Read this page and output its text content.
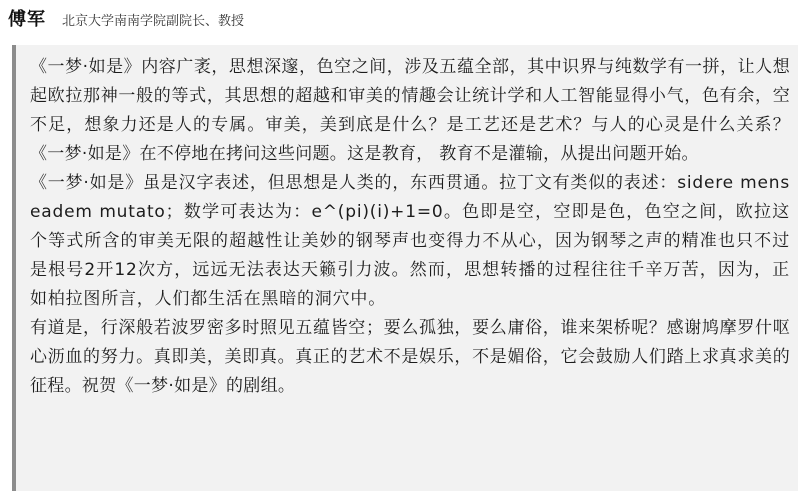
傅军 北京大学南南学院副院长、教授

《一梦·如是》内容广袤，思想深邃，色空之间，涉及五蕴全部，其中识界与纯数学有一拼，让人想起欧拉那神一般的等式，其思想的超越和审美的情趣会让统计学和人工智能显得小气，色有余，空不足，想象力还是人的专属。审美，美到底是什么？是工艺还是艺术？与人的心灵是什么关系？《一梦·如是》在不停地在拷问这些问题。这是教育， 教育不是灌输，从提出问题开始。

《一梦·如是》虽是汉字表述，但思想是人类的，东西贯通。拉丁文有类似的表述：sidere mens eadem mutato；数学可表达为：e^(pi)(i)+1=0。色即是空，空即是色，色空之间，欧拉这个等式所含的审美无限的超越性让美妙的钢琴声也变得力不从心，因为钢琴之声的精准也只不过是根号2开12次方，远远无法表达天籁引力波。然而，思想转播的过程往往千辛万苦，因为，正如柏拉图所言，人们都生活在黑暗的洞穴中。

有道是，行深般若波罗密多时照见五蕴皆空；要么孤独，要么庸俗，谁来架桥呢？感谢鸠摩罗什呕心沥血的努力。真即美，美即真。真正的艺术不是娱乐，不是媚俗，它会鼓励人们踏上求真求美的征程。祝贺《一梦·如是》的剧组。
